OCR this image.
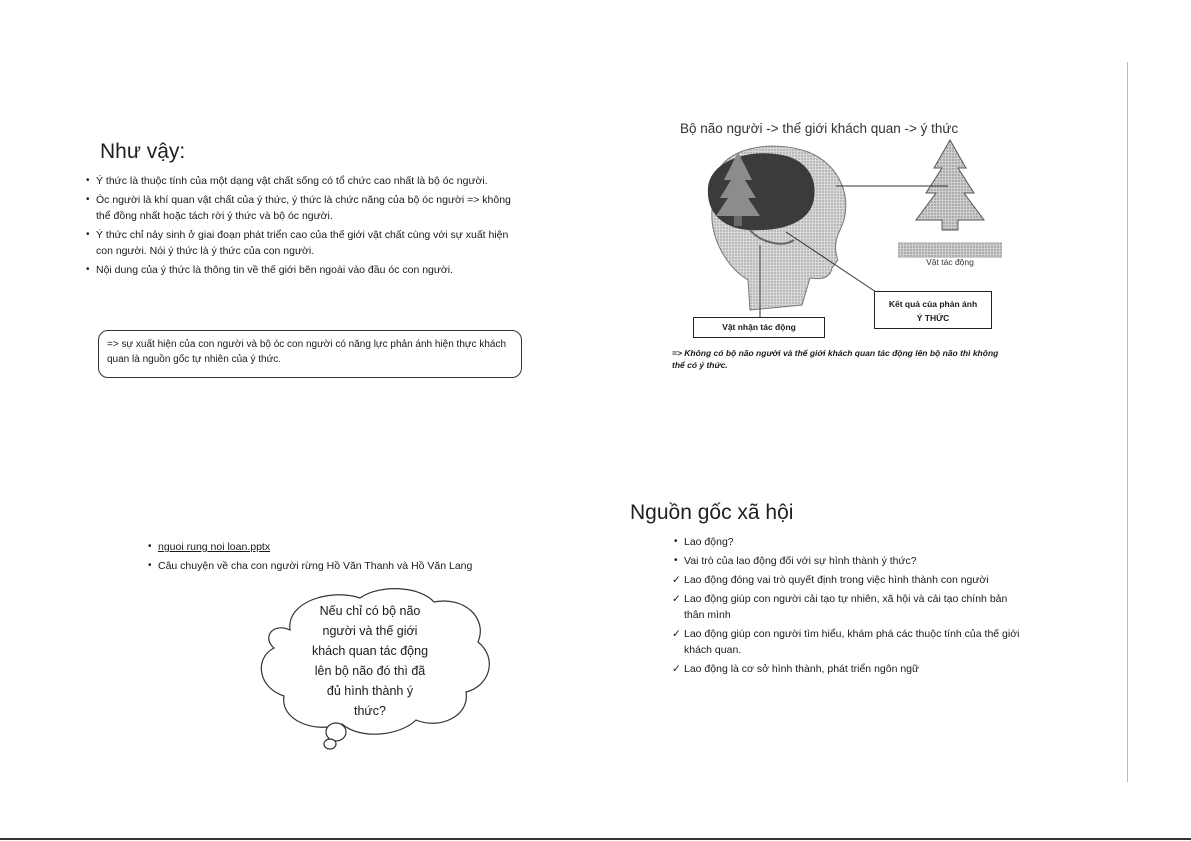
Như vậy:
• Ý thức là thuộc tính của một dạng vật chất sống có tổ chức cao nhất là bộ óc người.
• Óc người là khí quan vật chất của ý thức, ý thức là chức năng của bộ óc người => không thể đồng nhất hoặc tách rời ý thức và bộ óc người.
• Ý thức chỉ nảy sinh ở giai đoạn phát triển cao của thế giới vật chất cùng với sự xuất hiện con người. Nói ý thức là ý thức của con người.
• Nội dung của ý thức là thông tin về thế giới bên ngoài vào đầu óc con người.
=> sự xuất hiện của con người và bộ óc con người có năng lực phản ánh hiện thực khách quan là nguồn gốc tự nhiên của ý thức.
Bộ não người -> thế giới khách quan -> ý thức
Vật tác động
Kết quả của phản ánh
Ý THỨC
Vật nhận tác động
=> Không có bộ não người và thế giới khách quan tác động lên bộ não thì không thể có ý thức.
• nguoi rung noi loan.pptx
• Câu chuyện về cha con người rừng Hồ Văn Thanh và Hồ Văn Lang
Nếu chỉ có bộ não
người và thế giới
khách quan tác động
lên bộ não đó thì đã
đủ hình thành ý
thức?
Nguồn gốc xã hội
• Lao động?
• Vai trò của lao động đối với sự hình thành ý thức?
✓ Lao động đóng vai trò quyết định trong việc hình thành con người
✓ Lao động giúp con người cải tạo tự nhiên, xã hội và cải tạo chính bản thân mình
✓ Lao động giúp con người tìm hiểu, khám phá các thuộc tính của thế giới khách quan.
✓ Lao động là cơ sở hình thành, phát triển ngôn ngữ
